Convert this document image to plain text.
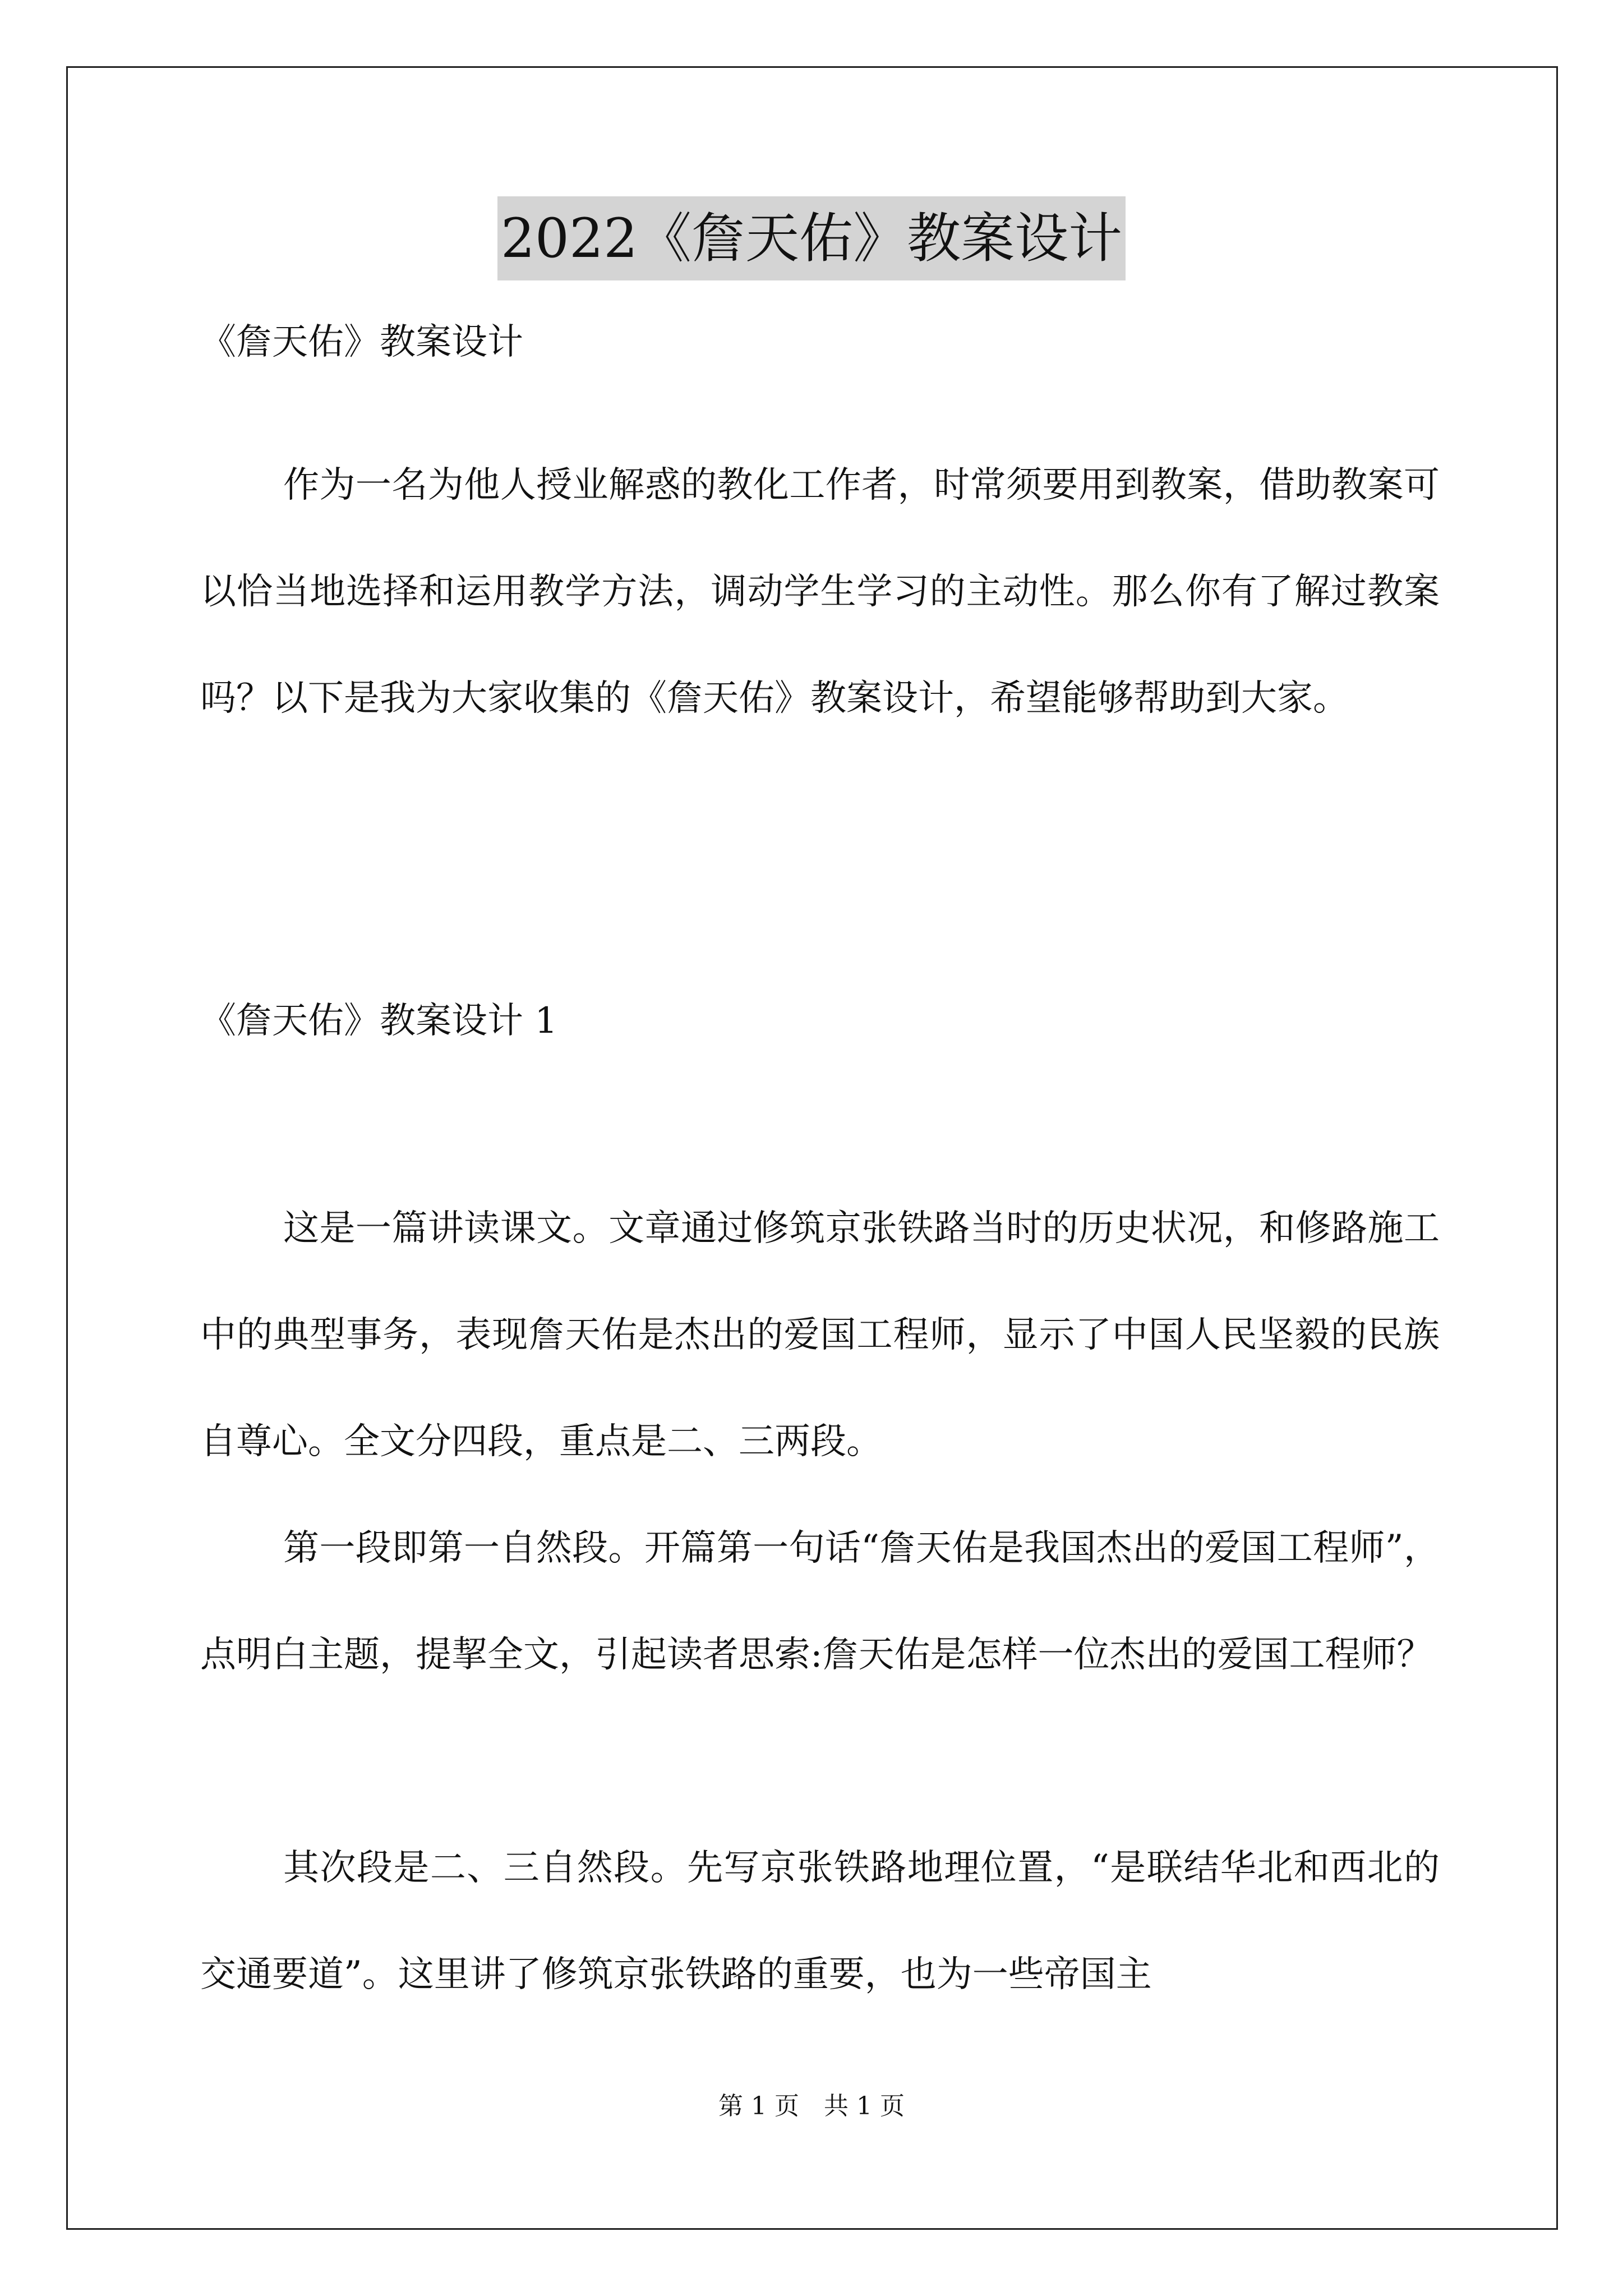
2022《詹天佑》教案设计

《詹天佑》教案设计

作为一名为他人授业解惑的教化工作者，时常须要用到教案，借助教案可以恰当地选择和运用教学方法，调动学生学习的主动性。那么你有了解过教案吗？以下是我为大家收集的《詹天佑》教案设计，希望能够帮助到大家。

《詹天佑》教案设计 1

这是一篇讲读课文。文章通过修筑京张铁路当时的历史状况，和修路施工中的典型事务，表现詹天佑是杰出的爱国工程师，显示了中国人民坚毅的民族自尊心。全文分四段，重点是二、三两段。

第一段即第一自然段。开篇第一句话“詹天佑是我国杰出的爱国工程师”，点明白主题，提挈全文，引起读者思索:詹天佑是怎样一位杰出的爱国工程师？

其次段是二、三自然段。先写京张铁路地理位置，“是联结华北和西北的交通要道”。这里讲了修筑京张铁路的重要，也为一些帝国主

第 1 页　共 1 页
